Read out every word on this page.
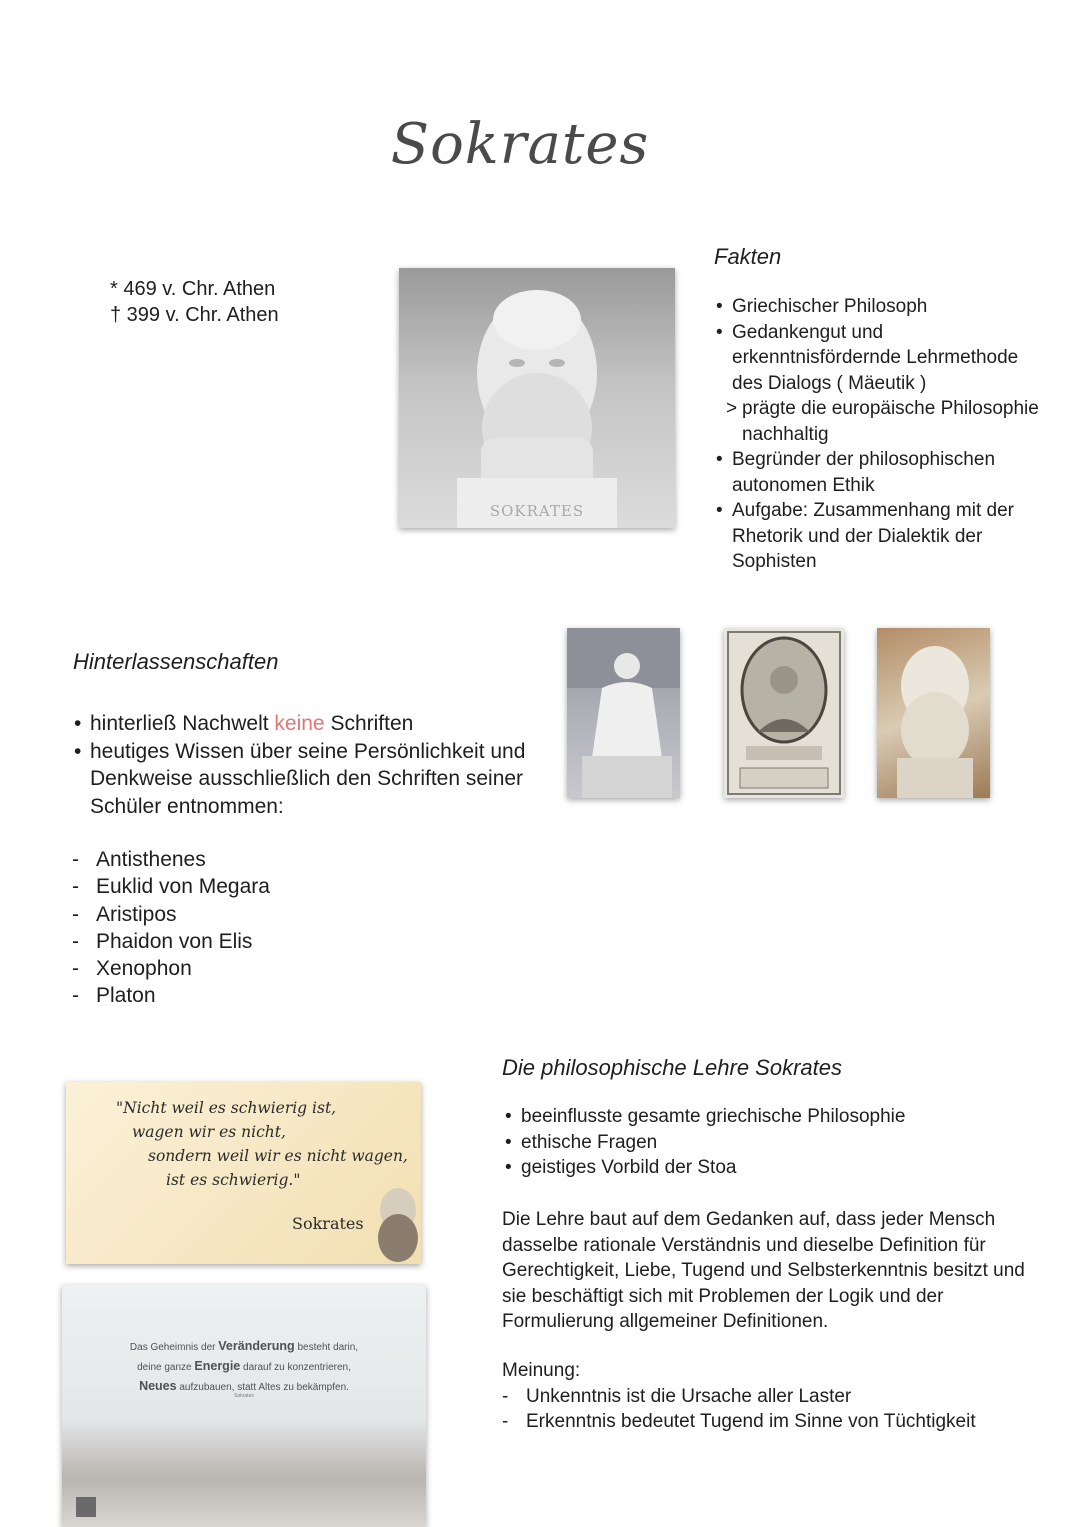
Sokrates
* 469 v. Chr. Athen
† 399 v. Chr. Athen
SOKRATES
Fakten
• Griechischer Philosoph
• Gedankengut und erkenntnisfördernde Lehrmethode des Dialogs ( Mäeutik )
> prägte die europäische Philosophie nachhaltig
• Begründer der philosophischen autonomen Ethik
• Aufgabe: Zusammenhang mit der Rhetorik und der Dialektik der Sophisten
Hinterlassenschaften
• hinterließ Nachwelt keine Schriften
• heutiges Wissen über seine Persönlichkeit und Denkweise ausschließlich den Schriften seiner Schüler entnommen:
- Antisthenes
- Euklid von Megara
- Aristipos
- Phaidon von Elis
- Xenophon
- Platon
"Nicht weil es schwierig ist,
wagen wir es nicht,
sondern weil wir es nicht wagen,
ist es schwierig."
Sokrates
Das Geheimnis der Veränderung besteht darin,
deine ganze Energie darauf zu konzentrieren,
Neues aufzubauen, statt Altes zu bekämpfen.
Sokrates
Die philosophische Lehre Sokrates
• beeinflusste gesamte griechische Philosophie
• ethische Fragen
• geistiges Vorbild der Stoa
Die Lehre baut auf dem Gedanken auf, dass jeder Mensch dasselbe rationale Verständnis und dieselbe Definition für Gerechtigkeit, Liebe, Tugend und Selbsterkenntnis besitzt und sie beschäftigt sich mit Problemen der Logik und der Formulierung allgemeiner Definitionen.
Meinung:
- Unkenntnis ist die Ursache aller Laster
- Erkenntnis bedeutet Tugend im Sinne von Tüchtigkeit
